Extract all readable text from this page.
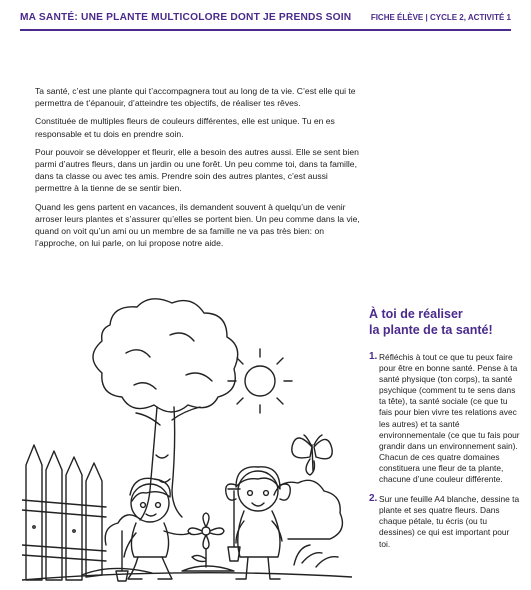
MA SANTÉ: UNE PLANTE MULTICOLORE DONT JE PRENDS SOIN FICHE ÉLÈVE | CYCLE 2, ACTIVITÉ 1

Ta santé, c’est une plante qui t’accompagnera tout au long de ta vie. C’est elle qui te permettra de t’épanouir, d’atteindre tes objectifs, de réaliser tes rêves.

Constituée de multiples fleurs de couleurs différentes, elle est unique. Tu en es responsable et tu dois en prendre soin.

Pour pouvoir se développer et fleurir, elle a besoin des autres aussi. Elle se sent bien parmi d’autres fleurs, dans un jardin ou une forêt. Un peu comme toi, dans ta famille, dans ta classe ou avec tes amis. Prendre soin des autres plantes, c’est aussi permettre à la tienne de se sentir bien.

Quand les gens partent en vacances, ils demandent souvent à quelqu’un de venir arroser leurs plantes et s’assurer qu’elles se portent bien. Un peu comme dans la vie, quand on voit qu’un ami ou un membre de sa famille ne va pas très bien: on l’approche, on lui parle, on lui propose notre aide.

À toi de réaliser
la plante de ta santé!
1. Réfléchis à tout ce que tu peux faire pour être en bonne santé. Pense à ta santé physique (ton corps), ta santé psychique (comment tu te sens dans ta tête), ta santé sociale (ce que tu fais pour bien vivre tes relations avec les autres) et ta santé environnementale (ce que tu fais pour grandir dans un environnement sain). Chacun de ces quatre domaines constituera une fleur de ta plante, chacune d’une couleur différente.
2. Sur une feuille A4 blanche, dessine ta plante et ses quatre fleurs. Dans chaque pétale, tu écris (ou tu dessines) ce qui est important pour toi.
